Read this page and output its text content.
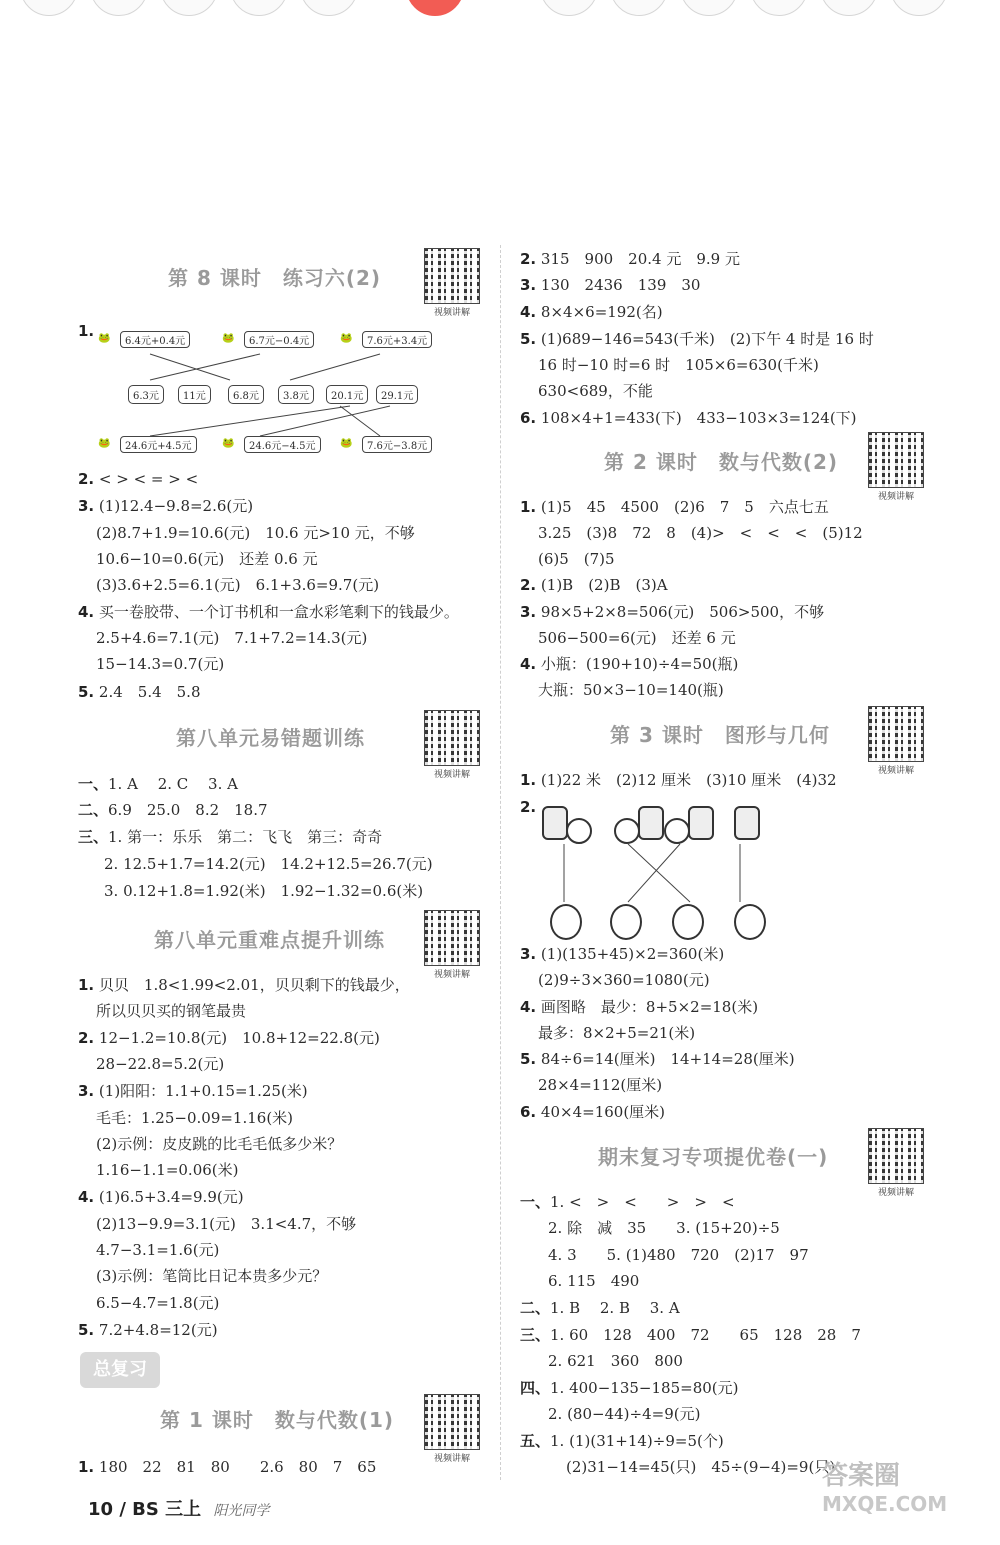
第 8 课时　练习六(2)
视频讲解
1. 🐸 6.4元+0.4元	🐸 6.7元−0.4元	🐸 7.6元+3.4元
6.3元	11元	6.8元	3.8元	20.1元	29.1元
🐸 24.6元+4.5元	🐸 24.6元−4.5元	🐸 7.6元−3.8元
2. < > < = > <
3. (1)12.4−9.8=2.6(元)
(2)8.7+1.9=10.6(元)　10.6 元>10 元，不够
10.6−10=0.6(元)　还差 0.6 元
(3)3.6+2.5=6.1(元)　6.1+3.6=9.7(元)
4. 买一卷胶带、一个订书机和一盒水彩笔剩下的钱最少。
2.5+4.6=7.1(元)　7.1+7.2=14.3(元)
15−14.3=0.7(元)
5. 2.4　5.4　5.8
第八单元易错题训练
视频讲解
一、1. A　 2. C　 3. A
二、6.9　25.0　8.2　18.7
三、1. 第一：乐乐　第二：飞飞　第三：奇奇
2. 12.5+1.7=14.2(元)　14.2+12.5=26.7(元)
3. 0.12+1.8=1.92(米)　1.92−1.32=0.6(米)
第八单元重难点提升训练
视频讲解
1. 贝贝　1.8<1.99<2.01，贝贝剩下的钱最少，
所以贝贝买的钢笔最贵
2. 12−1.2=10.8(元)　10.8+12=22.8(元)
28−22.8=5.2(元)
3. (1)阳阳：1.1+0.15=1.25(米)
毛毛：1.25−0.09=1.16(米)
(2)示例：皮皮跳的比毛毛低多少米？
1.16−1.1=0.06(米)
4. (1)6.5+3.4=9.9(元)
(2)13−9.9=3.1(元)　3.1<4.7，不够
4.7−3.1=1.6(元)
(3)示例：笔筒比日记本贵多少元？
6.5−4.7=1.8(元)
5. 7.2+4.8=12(元)
总复习
第 1 课时　数与代数(1)
视频讲解
1. 180　22　81　80　　2.6　80　7　65
2. 315　900　20.4 元　9.9 元
3. 130　2436　139　30
4. 8×4×6=192(名)
5. (1)689−146=543(千米)　(2)下午 4 时是 16 时
16 时−10 时=6 时　105×6=630(千米)
630<689，不能
6. 108×4+1=433(下)　433−103×3=124(下)
第 2 课时　数与代数(2)
视频讲解
1. (1)5　45　4500　(2)6　7　5　六点七五
3.25　(3)8　72　8　(4)>　<　<　<　(5)12
(6)5　(7)5
2. (1)B　(2)B　(3)A
3. 98×5+2×8=506(元)　506>500，不够
506−500=6(元)　还差 6 元
4. 小瓶：(190+10)÷4=50(瓶)
大瓶：50×3−10=140(瓶)
第 3 课时　图形与几何
视频讲解
1. (1)22 米　(2)12 厘米　(3)10 厘米　(4)32
2.
3. (1)(135+45)×2=360(米)
(2)9÷3×360=1080(元)
4. 画图略　最少：8+5×2=18(米)
最多：8×2+5=21(米)
5. 84÷6=14(厘米)　14+14=28(厘米)
28×4=112(厘米)
6. 40×4=160(厘米)
期末复习专项提优卷(一)
视频讲解
一、1. <　>　<　　>　>　<
2. 除　减　35　　3. (15+20)÷5
4. 3　　5. (1)480　720　(2)17　97
6. 115　490
二、1. B　 2. B　 3. A
三、1. 60　128　400　72　　65　128　28　7
2. 621　360　800
四、1. 400−135−185=80(元)
2. (80−44)÷4=9(元)
五、1. (1)(31+14)÷9=5(个)
(2)31−14=45(只)　45÷(9−4)=9(只)
10 / BS 三上 阳光同学
答案圈
MXQE.COM
